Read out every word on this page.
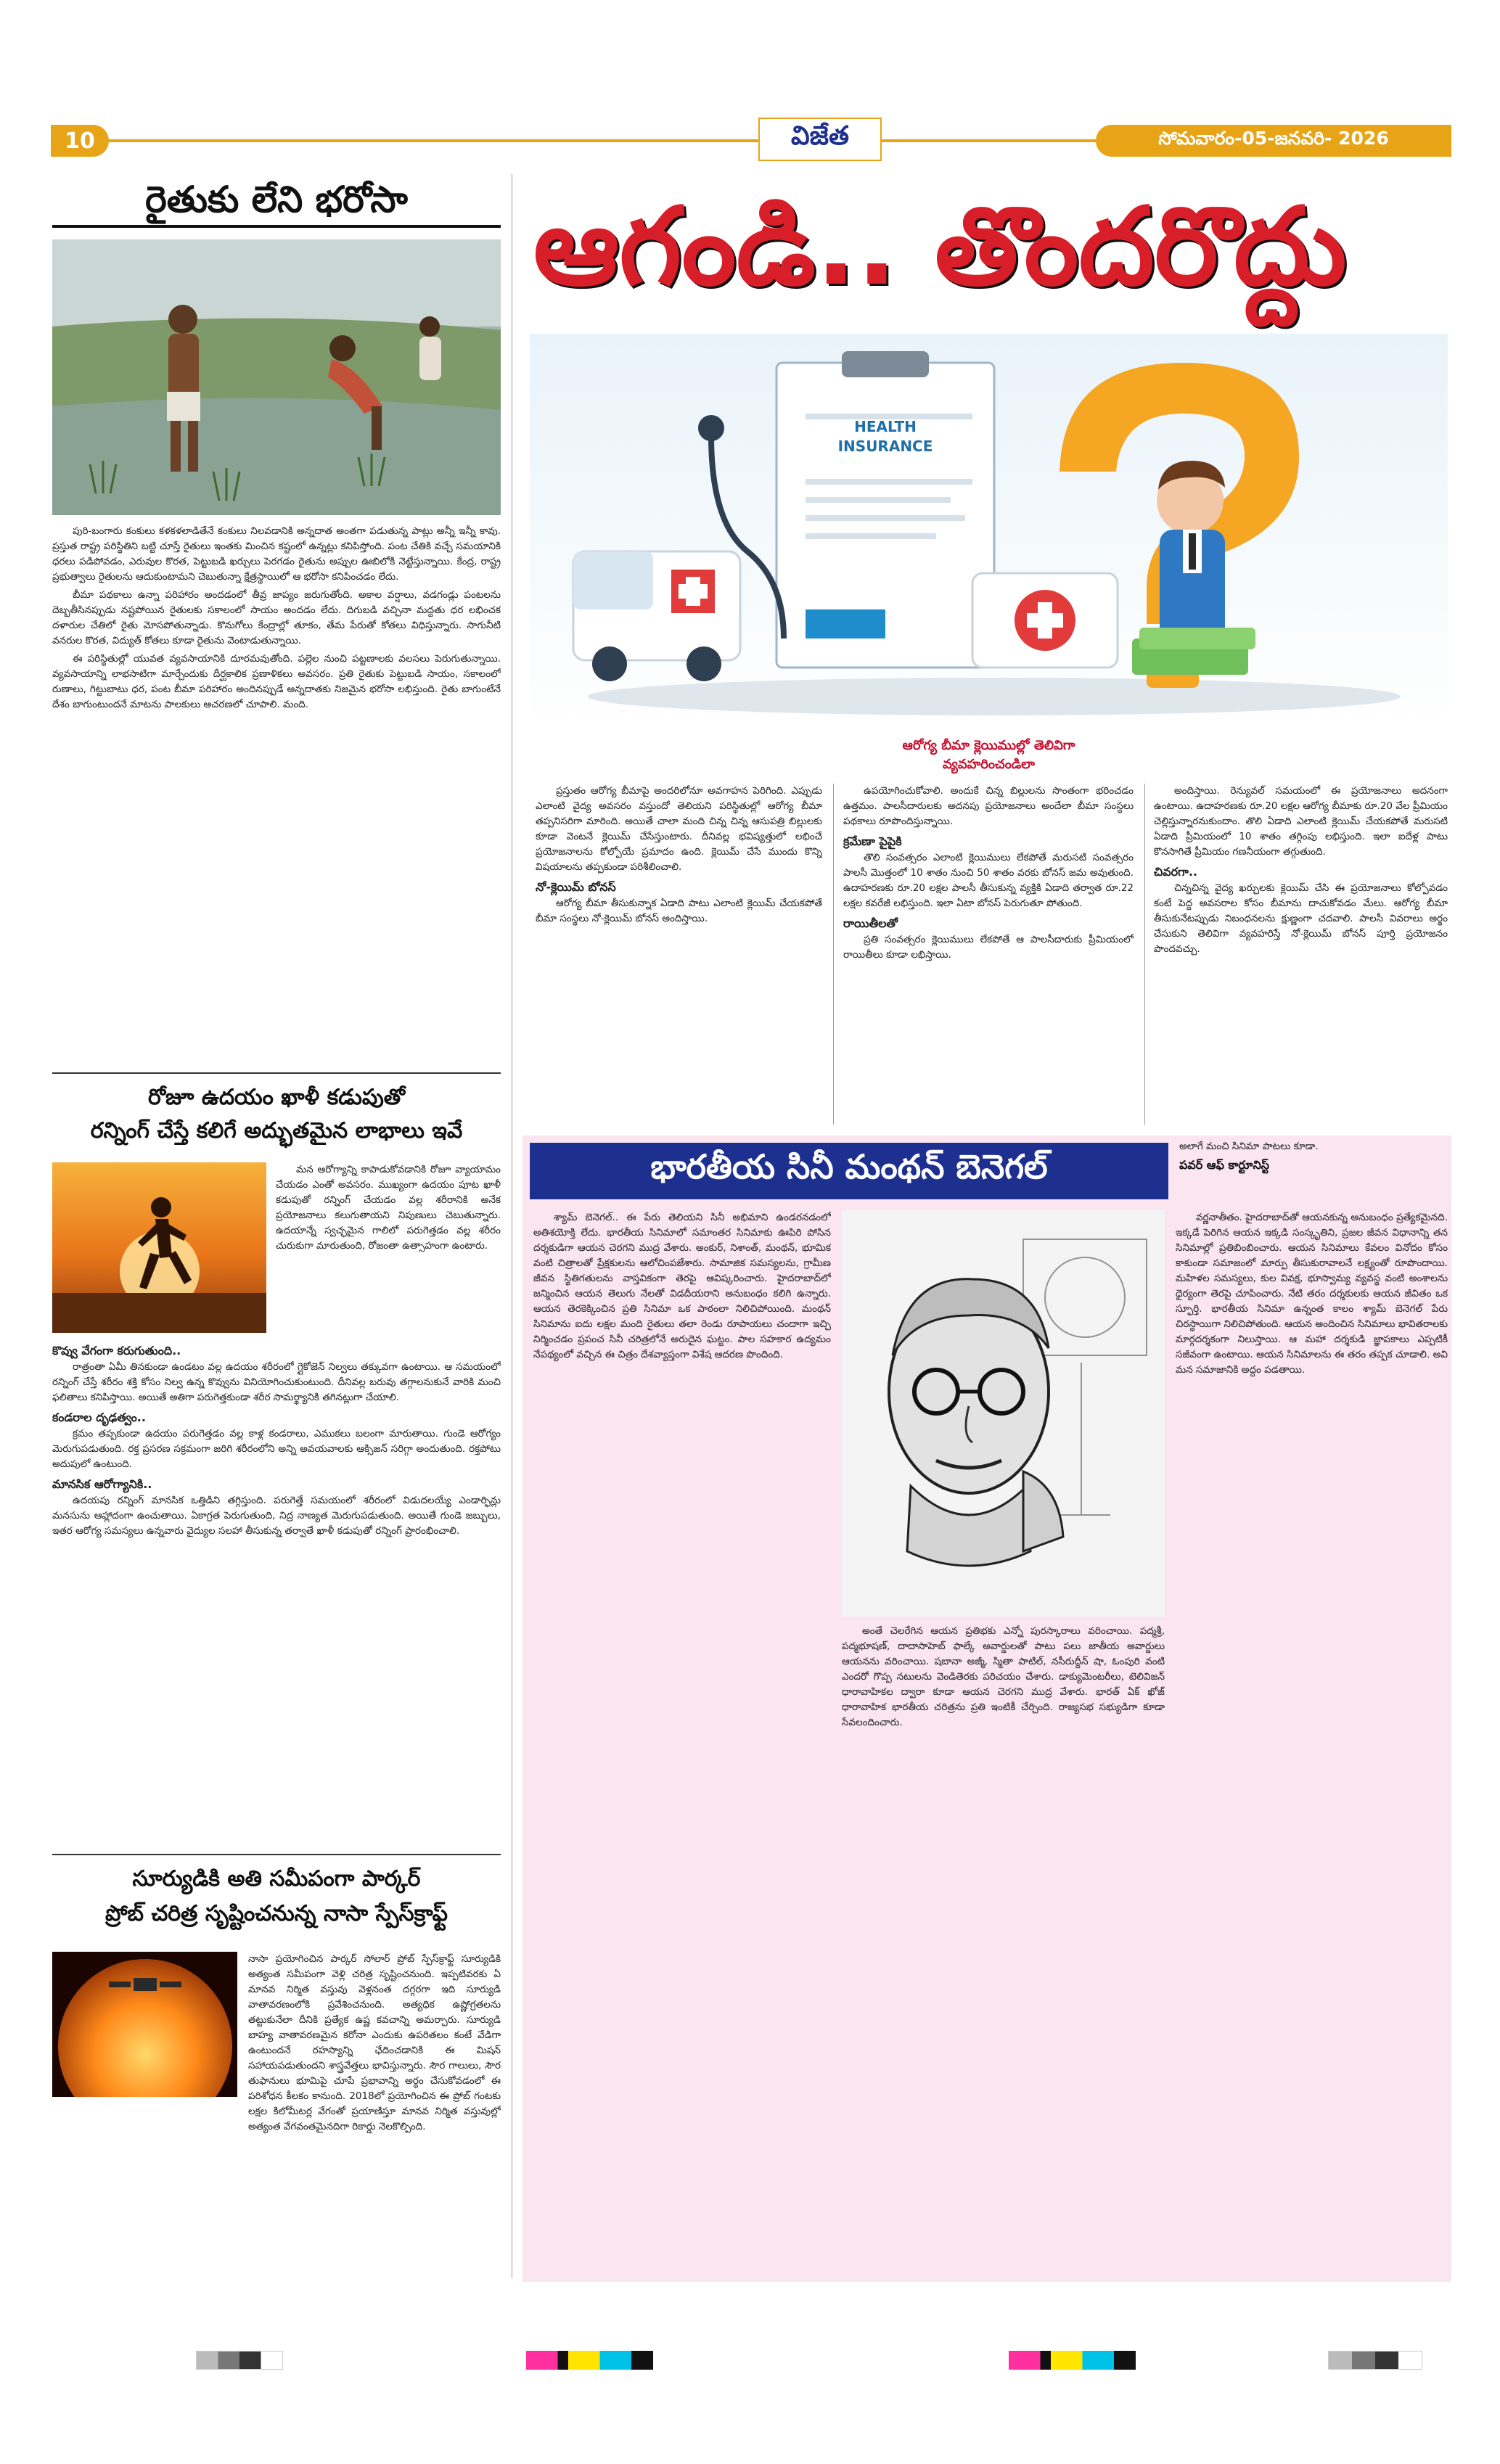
10	విజేత	సోమవారం-05-జనవరి- 2026
రైతుకు లేని భరోసా

పురి-బంగారు కంకులు కళకళలాడితేనే కంకులు నిలవడానికి అన్నదాత అంతగా పడుతున్న పాట్లు అన్నీ ఇన్నీ కావు. ప్రస్తుత రాష్ట్ర పరిస్థితిని బట్టి చూస్తే రైతులు ఇంతకు మించిన కష్టంలో ఉన్నట్లు కనిపిస్తోంది. పంట చేతికి వచ్చే సమయానికి ధరలు పడిపోవడం, ఎరువుల కొరత, పెట్టుబడి ఖర్చులు పెరగడం రైతును అప్పుల ఊబిలోకి నెట్టేస్తున్నాయి. కేంద్ర, రాష్ట్ర ప్రభుత్వాలు రైతులను ఆదుకుంటామని చెబుతున్నా క్షేత్రస్థాయిలో ఆ భరోసా కనిపించడం లేదు.

బీమా పథకాలు ఉన్నా పరిహారం అందడంలో తీవ్ర జాప్యం జరుగుతోంది. అకాల వర్షాలు, వడగండ్లు పంటలను దెబ్బతీసినప్పుడు నష్టపోయిన రైతులకు సకాలంలో సాయం అందడం లేదు. దిగుబడి వచ్చినా మద్దతు ధర లభించక దళారుల చేతిలో రైతు మోసపోతున్నాడు. కొనుగోలు కేంద్రాల్లో తూకం, తేమ పేరుతో కోతలు విధిస్తున్నారు. సాగునీటి వనరుల కొరత, విద్యుత్ కోతలు కూడా రైతును వెంటాడుతున్నాయి.

ఈ పరిస్థితుల్లో యువత వ్యవసాయానికి దూరమవుతోంది. పల్లెల నుంచి పట్టణాలకు వలసలు పెరుగుతున్నాయి. వ్యవసాయాన్ని లాభసాటిగా మార్చేందుకు దీర్ఘకాలిక ప్రణాళికలు అవసరం. ప్రతి రైతుకు పెట్టుబడి సాయం, సకాలంలో రుణాలు, గిట్టుబాటు ధర, పంట బీమా పరిహారం అందినప్పుడే అన్నదాతకు నిజమైన భరోసా లభిస్తుంది. రైతు బాగుంటేనే దేశం బాగుంటుందనే మాటను పాలకులు ఆచరణలో చూపాలి. మంది.

రోజూ ఉదయం ఖాళీ కడుపుతో
రన్నింగ్ చేస్తే కలిగే అద్భుతమైన లాభాలు ఇవే

మన ఆరోగ్యాన్ని కాపాడుకోవడానికి రోజూ వ్యాయామం చేయడం ఎంతో అవసరం. ముఖ్యంగా ఉదయం పూట ఖాళీ కడుపుతో రన్నింగ్ చేయడం వల్ల శరీరానికి అనేక ప్రయోజనాలు కలుగుతాయని నిపుణులు చెబుతున్నారు. ఉదయాన్నే స్వచ్ఛమైన గాలిలో పరుగెత్తడం వల్ల శరీరం చురుకుగా మారుతుంది, రోజంతా ఉత్సాహంగా ఉంటారు.

కొవ్వు వేగంగా కరుగుతుంది..

రాత్రంతా ఏమీ తినకుండా ఉండటం వల్ల ఉదయం శరీరంలో గ్లైకోజెన్ నిల్వలు తక్కువగా ఉంటాయి. ఆ సమయంలో రన్నింగ్ చేస్తే శరీరం శక్తి కోసం నిల్వ ఉన్న కొవ్వును వినియోగించుకుంటుంది. దీనివల్ల బరువు తగ్గాలనుకునే వారికి మంచి ఫలితాలు కనిపిస్తాయి. అయితే అతిగా పరుగెత్తకుండా శరీర సామర్థ్యానికి తగినట్లుగా చేయాలి.

కండరాల దృఢత్వం..

క్రమం తప్పకుండా ఉదయం పరుగెత్తడం వల్ల కాళ్ల కండరాలు, ఎముకలు బలంగా మారుతాయి. గుండె ఆరోగ్యం మెరుగుపడుతుంది. రక్త ప్రసరణ సక్రమంగా జరిగి శరీరంలోని అన్ని అవయవాలకు ఆక్సిజన్ సరిగ్గా అందుతుంది. రక్తపోటు అదుపులో ఉంటుంది.

మానసిక ఆరోగ్యానికి..

ఉదయపు రన్నింగ్ మానసిక ఒత్తిడిని తగ్గిస్తుంది. పరుగెత్తే సమయంలో శరీరంలో విడుదలయ్యే ఎండార్ఫిన్లు మనసును ఆహ్లాదంగా ఉంచుతాయి. ఏకాగ్రత పెరుగుతుంది, నిద్ర నాణ్యత మెరుగుపడుతుంది. అయితే గుండె జబ్బులు, ఇతర ఆరోగ్య సమస్యలు ఉన్నవారు వైద్యుల సలహా తీసుకున్న తర్వాతే ఖాళీ కడుపుతో రన్నింగ్ ప్రారంభించాలి.

సూర్యుడికి అతి సమీపంగా పార్కర్
ప్రోబ్ చరిత్ర సృష్టించనున్న నాసా స్పేస్‌క్రాఫ్ట్

నాసా ప్రయోగించిన పార్కర్ సోలార్ ప్రోబ్ స్పేస్‌క్రాఫ్ట్ సూర్యుడికి అత్యంత సమీపంగా వెళ్లి చరిత్ర సృష్టించనుంది. ఇప్పటివరకు ఏ మానవ నిర్మిత వస్తువు వెళ్లనంత దగ్గరగా ఇది సూర్యుడి వాతావరణంలోకి ప్రవేశించనుంది. అత్యధిక ఉష్ణోగ్రతలను తట్టుకునేలా దీనికి ప్రత్యేక ఉష్ణ కవచాన్ని అమర్చారు. సూర్యుడి బాహ్య వాతావరణమైన కరోనా ఎందుకు ఉపరితలం కంటే వేడిగా ఉంటుందనే రహస్యాన్ని ఛేదించడానికి ఈ మిషన్ సహాయపడుతుందని శాస్త్రవేత్తలు భావిస్తున్నారు. సౌర గాలులు, సౌర తుఫానులు భూమిపై చూపే ప్రభావాన్ని అర్థం చేసుకోవడంలో ఈ పరిశోధన కీలకం కానుంది. 2018లో ప్రయోగించిన ఈ ప్రోబ్ గంటకు లక్షల కిలోమీటర్ల వేగంతో ప్రయాణిస్తూ మానవ నిర్మిత వస్తువుల్లో అత్యంత వేగవంతమైనదిగా రికార్డు నెలకొల్పింది.

ఆగండి.. తొందరొద్దు
HEALTH
INSURANCE
ఆరోగ్య బీమా క్లెయిముల్లో తెలివిగా
వ్యవహరించండిలా

ప్రస్తుతం ఆరోగ్య బీమాపై అందరిలోనూ అవగాహన పెరిగింది. ఎప్పుడు ఎలాంటి వైద్య అవసరం వస్తుందో తెలియని పరిస్థితుల్లో ఆరోగ్య బీమా తప్పనిసరిగా మారింది. అయితే చాలా మంది చిన్న చిన్న ఆసుపత్రి బిల్లులకు కూడా వెంటనే క్లెయిమ్ చేసేస్తుంటారు. దీనివల్ల భవిష్యత్తులో లభించే ప్రయోజనాలను కోల్పోయే ప్రమాదం ఉంది. క్లెయిమ్ చేసే ముందు కొన్ని విషయాలను తప్పకుండా పరిశీలించాలి.

నో-క్లెయిమ్ బోనస్

ఆరోగ్య బీమా తీసుకున్నాక ఏడాది పాటు ఎలాంటి క్లెయిమ్ చేయకపోతే బీమా సంస్థలు నో-క్లెయిమ్ బోనస్ అందిస్తాయి.

ఉపయోగించుకోవాలి. అందుకే చిన్న బిల్లులను సొంతంగా భరించడం ఉత్తమం. పాలసీదారులకు అదనపు ప్రయోజనాలు అందేలా బీమా సంస్థలు పథకాలు రూపొందిస్తున్నాయి.

క్రమేణా పైపైకి

తొలి సంవత్సరం ఎలాంటి క్లెయిములు లేకపోతే మరుసటి సంవత్సరం పాలసీ మొత్తంలో 10 శాతం నుంచి 50 శాతం వరకు బోనస్ జమ అవుతుంది. ఉదాహరణకు రూ.20 లక్షల పాలసీ తీసుకున్న వ్యక్తికి ఏడాది తర్వాత రూ.22 లక్షల కవరేజీ లభిస్తుంది. ఇలా ఏటా బోనస్ పెరుగుతూ పోతుంది.

రాయితీలతో

ప్రతి సంవత్సరం క్లెయిములు లేకపోతే ఆ పాలసీదారుకు ప్రీమియంలో రాయితీలు కూడా లభిస్తాయి.

అందిస్తాయి. రెన్యువల్ సమయంలో ఈ ప్రయోజనాలు అదనంగా ఉంటాయి. ఉదాహరణకు రూ.20 లక్షల ఆరోగ్య బీమాకు రూ.20 వేల ప్రీమియం చెల్లిస్తున్నారనుకుందాం. తొలి ఏడాది ఎలాంటి క్లెయిమ్ చేయకపోతే మరుసటి ఏడాది ప్రీమియంలో 10 శాతం తగ్గింపు లభిస్తుంది. ఇలా ఐదేళ్ల పాటు కొనసాగితే ప్రీమియం గణనీయంగా తగ్గుతుంది.

చివరగా..

చిన్నచిన్న వైద్య ఖర్చులకు క్లెయిమ్ చేసి ఈ ప్రయోజనాలు కోల్పోవడం కంటే పెద్ద అవసరాల కోసం బీమాను దాచుకోవడం మేలు. ఆరోగ్య బీమా తీసుకునేటప్పుడు నిబంధనలను క్షుణ్ణంగా చదవాలి. పాలసీ వివరాలు అర్థం చేసుకుని తెలివిగా వ్యవహరిస్తే నో-క్లెయిమ్ బోనస్ పూర్తి ప్రయోజనం పొందవచ్చు.

భారతీయ సినీ మంథన్ బెనెగల్
అలాగే మంచి సినిమా పాటలు కూడా.
పవర్ ఆఫ్ కార్టూనిస్ట్

శ్యామ్ బెనెగల్.. ఈ పేరు తెలియని సినీ అభిమాని ఉండరనడంలో అతిశయోక్తి లేదు. భారతీయ సినిమాలో సమాంతర సినిమాకు ఊపిరి పోసిన దర్శకుడిగా ఆయన చెరగని ముద్ర వేశారు. అంకుర్, నిశాంత్, మంథన్, భూమిక వంటి చిత్రాలతో ప్రేక్షకులను ఆలోచింపజేశారు. సామాజిక సమస్యలను, గ్రామీణ జీవన స్థితిగతులను వాస్తవికంగా తెరపై ఆవిష్కరించారు. హైదరాబాద్‌లో జన్మించిన ఆయన తెలుగు నేలతో విడదీయరాని అనుబంధం కలిగి ఉన్నారు. ఆయన తెరకెక్కించిన ప్రతి సినిమా ఒక పాఠంలా నిలిచిపోయింది. మంథన్ సినిమాను ఐదు లక్షల మంది రైతులు తలా రెండు రూపాయలు చందాగా ఇచ్చి నిర్మించడం ప్రపంచ సినీ చరిత్రలోనే అరుదైన ఘట్టం. పాల సహకార ఉద్యమం నేపథ్యంలో వచ్చిన ఈ చిత్రం దేశవ్యాప్తంగా విశేష ఆదరణ పొందింది.

అంతే చెలరేగిన ఆయన ప్రతిభకు ఎన్నో పురస్కారాలు వరించాయి. పద్మశ్రీ, పద్మభూషణ్, దాదాసాహెబ్ ఫాల్కే అవార్డులతో పాటు పలు జాతీయ అవార్డులు ఆయనను వరించాయి. షబానా అజ్మీ, స్మితా పాటిల్, నసీరుద్దీన్ షా, ఓంపురి వంటి ఎందరో గొప్ప నటులను వెండితెరకు పరిచయం చేశారు. డాక్యుమెంటరీలు, టెలివిజన్ ధారావాహికల ద్వారా కూడా ఆయన చెరగని ముద్ర వేశారు. భారత్ ఏక్ ఖోజ్ ధారావాహిక భారతీయ చరిత్రను ప్రతి ఇంటికీ చేర్చింది. రాజ్యసభ సభ్యుడిగా కూడా సేవలందించారు.

వర్ణనాతీతం. హైదరాబాద్‌తో ఆయనకున్న అనుబంధం ప్రత్యేకమైనది. ఇక్కడే పెరిగిన ఆయన ఇక్కడి సంస్కృతిని, ప్రజల జీవన విధానాన్ని తన సినిమాల్లో ప్రతిబింబించారు. ఆయన సినిమాలు కేవలం వినోదం కోసం కాకుండా సమాజంలో మార్పు తీసుకురావాలనే లక్ష్యంతో రూపొందాయి. మహిళల సమస్యలు, కుల వివక్ష, భూస్వామ్య వ్యవస్థ వంటి అంశాలను ధైర్యంగా తెరపై చూపించారు. నేటి తరం దర్శకులకు ఆయన జీవితం ఒక స్ఫూర్తి. భారతీయ సినిమా ఉన్నంత కాలం శ్యామ్ బెనెగల్ పేరు చిరస్థాయిగా నిలిచిపోతుంది. ఆయన అందించిన సినిమాలు భావితరాలకు మార్గదర్శకంగా నిలుస్తాయి. ఆ మహా దర్శకుడి జ్ఞాపకాలు ఎప్పటికీ సజీవంగా ఉంటాయి. ఆయన సినిమాలను ఈ తరం తప్పక చూడాలి. అవి మన సమాజానికి అద్దం పడతాయి.
